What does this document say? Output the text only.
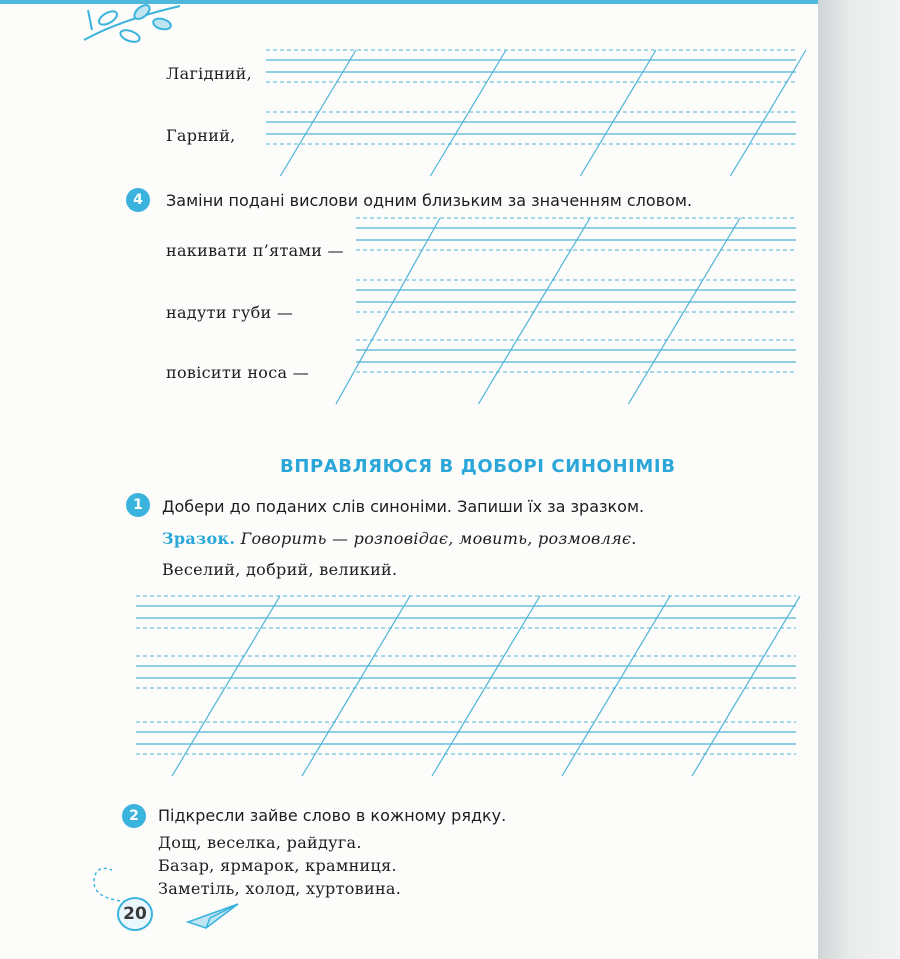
Лагідний,
Гарний,
4	Заміни подані вислови одним близьким за значенням словом.
накивати п’ятами —
надути губи —
повісити носа —
ВПРАВЛЯЮСЯ В ДОБОРІ СИНОНІМІВ
1	Добери до поданих слів синоніми. Запиши їх за зразком.
Зразок. Говорить — розповідає, мовить, розмовляє.
Веселий, добрий, великий.
2	Підкресли зайве слово в кожному рядку.
Дощ, веселка, райдуга.
Базар, ярмарок, крамниця.
Заметіль, холод, хуртовина.
20
